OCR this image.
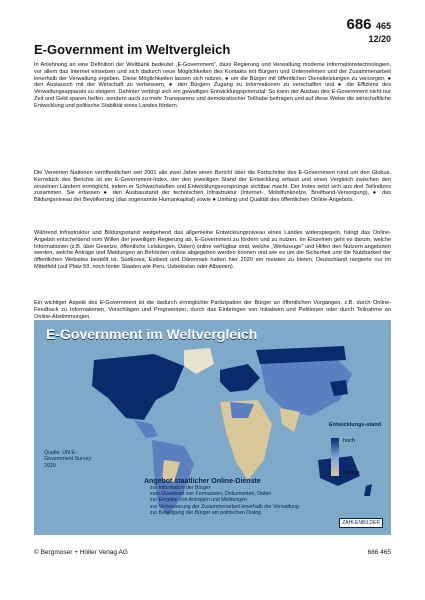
686 465
12/20
E-Government im Weltvergleich
In Anlehnung an eine Definition der Weltbank bedeutet „E-Government“, dass Regierung und Verwaltung moderne Informationstechnologien, vor allem das Internet einsetzen und sich dadurch neue Möglichkeiten des Kontakts mit Bürgern und Unternehmen und der Zusammenarbeit innerhalb der Verwaltung ergeben. Diese Möglichkeiten lassen sich nutzen, ● um die Bürger mit öffentlichen Dienstleistungen zu versorgen, ● den Austausch mit der Wirtschaft zu verbessern, ● den Bürgern Zugang zu Informationen zu verschaffen und ● die Effizienz des Verwaltungsapparats zu steigern. Dahinter verbirgt sich ein gewaltiges Entwicklungspotenzial: So kann der Ausbau des E-Government nicht nur Zeit und Geld sparen helfen, sondern auch zu mehr Transparenz und demokratischer Teilhabe beitragen und auf diese Weise die wirtschaftliche Entwicklung und politische Stabilität eines Landes fördern.
Die Vereinten Nationen veröffentlichen seit 2001 alle zwei Jahre einen Bericht über die Fortschritte des E-Government rund um den Globus. Kernstück des Berichts ist ein E-Government-Index, der den jeweiligen Stand der Entwicklung erfasst und einen Vergleich zwischen den einzelnen Ländern ermöglicht, indem er Schwachstellen und Entwicklungsvorsprünge sichtbar macht. Der Index setzt sich aus drei Teilindizes zusammen. Sie erfassen ● den Ausbaustand der technischen Infrastruktur (Internet-, Mobilfunknetze, Breitband-Versorgung), ● das Bildungsniveau der Bevölkerung (das sogenannte Humankapital) sowie ● Umfang und Qualität des öffentlichen Online-Angebots.
Während Infrastruktur und Bildungsstand weitgehend das allgemeine Entwicklungsniveau eines Landes widerspiegeln, hängt das Online-Angebot entscheidend vom Willen der jeweiligen Regierung ab, E-Government zu fördern und zu nutzen. Im Einzelnen geht es darum, welche Informationen (z.B. über Gesetze, öffentliche Leistungen, Daten) online verfügbar sind, welche „Werkzeuge“ und Hilfen den Nutzern angeboten werden, welche Anträge und Meldungen an Behörden online abgegeben werden können und wie es um die Sicherheit und die Nutzbarkeit der öffentlichen Websites bestellt ist. Südkorea, Estland und Dänemark hatten hier 2020 am meisten zu bieten; Deutschland rangierte nur im Mittelfeld (auf Platz 59, noch hinter Staaten wie Peru, Usbekistan oder Albanien).
Ein wichtiger Aspekt des E-Government ist die dadurch ermöglichte Partizipation der Bürger an öffentlichen Vorgängen, z.B. durch Online-Feedback zu Informationen, Vorschlägen und Programmen, durch das Einbringen von Initiativen und Petitionen oder durch Teilnahme an Online-Abstimmungen.
E-Government im Weltvergleich
Entwicklungs-stand
hoch
niedrig
Quelle: UN E-Government Survey 2020
Angebot staatlicher Online-Dienste
zur Information der Bürger
zum Download von Formularen, Dokumenten, Daten
zur Eingabe von Anträgen und Meldungen
zur Verbesserung der Zusammenarbeit innerhalb der Verwaltung
zur Beteiligung der Bürger am politischen Dialog
ZAHLENBILDER
© Bergmoser + Höller Verlag AG	686 465
